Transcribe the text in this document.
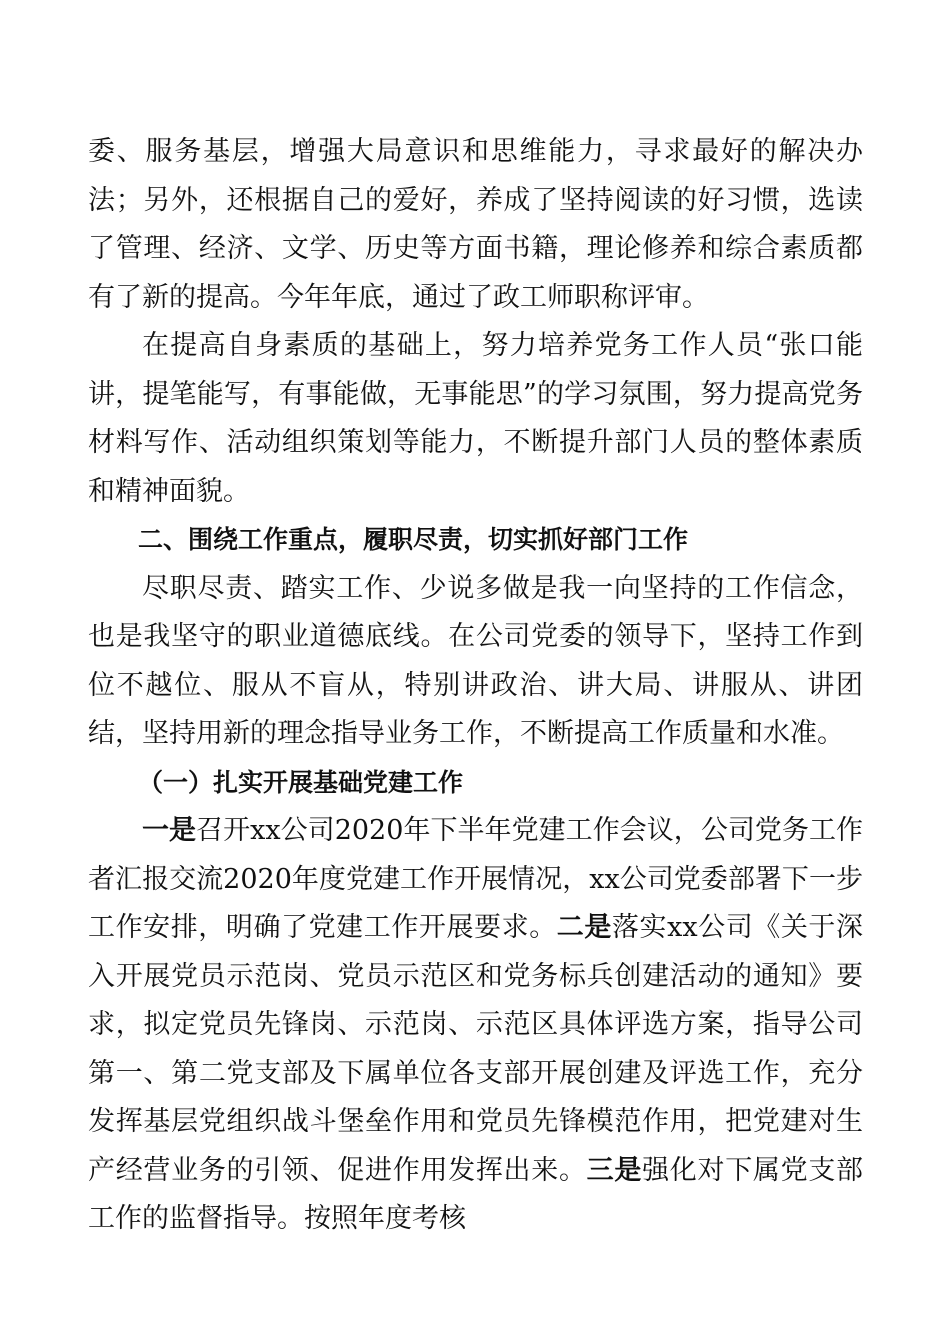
委、服务基层，增强大局意识和思维能力，寻求最好的解决办法；另外，还根据自己的爱好，养成了坚持阅读的好习惯，选读了管理、经济、文学、历史等方面书籍，理论修养和综合素质都有了新的提高。今年年底，通过了政工师职称评审。

在提高自身素质的基础上，努力培养党务工作人员“张口能讲，提笔能写，有事能做，无事能思”的学习氛围，努力提高党务材料写作、活动组织策划等能力，不断提升部门人员的整体素质和精神面貌。

二、围绕工作重点，履职尽责，切实抓好部门工作

尽职尽责、踏实工作、少说多做是我一向坚持的工作信念，也是我坚守的职业道德底线。在公司党委的领导下，坚持工作到位不越位、服从不盲从，特别讲政治、讲大局、讲服从、讲团结，坚持用新的理念指导业务工作，不断提高工作质量和水准。

（一）扎实开展基础党建工作

一是召开xx公司2020年下半年党建工作会议，公司党务工作者汇报交流2020年度党建工作开展情况，xx公司党委部署下一步工作安排，明确了党建工作开展要求。二是落实xx公司《关于深入开展党员示范岗、党员示范区和党务标兵创建活动的通知》要求，拟定党员先锋岗、示范岗、示范区具体评选方案，指导公司第一、第二党支部及下属单位各支部开展创建及评选工作，充分发挥基层党组织战斗堡垒作用和党员先锋模范作用，把党建对生产经营业务的引领、促进作用发挥出来。三是强化对下属党支部工作的监督指导。按照年度考核
